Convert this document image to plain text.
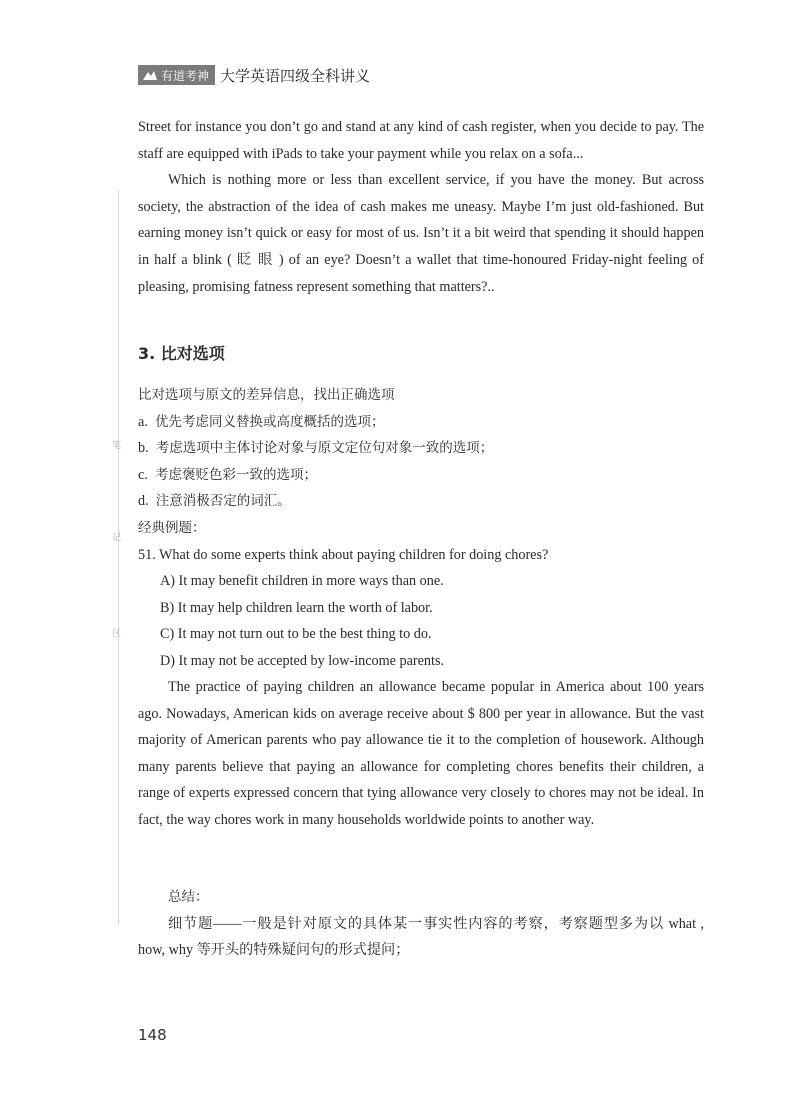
有道考神 大学英语四级全科讲义
笔
记
区

Street for instance you don’t go and stand at any kind of cash register, when you decide to pay. The staff are equipped with iPads to take your payment while you relax on a sofa...

Which is nothing more or less than excellent service, if you have the money. But across society, the abstraction of the idea of cash makes me uneasy. Maybe I’m just old-fashioned. But earning money isn’t quick or easy for most of us. Isn’t it a bit weird that spending it should happen in half a blink ( 眨 眼 ) of an eye? Doesn’t a wallet that time-honoured Friday-night feeling of pleasing, promising fatness represent something that matters?..

3. 比对选项

比对选项与原文的差异信息，找出正确选项

a. 优先考虑同义替换或高度概括的选项；

b. 考虑选项中主体讨论对象与原文定位句对象一致的选项；

c. 考虑褒贬色彩一致的选项；

d. 注意消极否定的词汇。

经典例题：

51. What do some experts think about paying children for doing chores?

A) It may benefit children in more ways than one.

B) It may help children learn the worth of labor.

C) It may not turn out to be the best thing to do.

D) It may not be accepted by low-income parents.

The practice of paying children an allowance became popular in America about 100 years ago. Nowadays, American kids on average receive about $ 800 per year in allowance. But the vast majority of American parents who pay allowance tie it to the completion of housework. Although many parents believe that paying an allowance for completing chores benefits their children, a range of experts expressed concern that tying allowance very closely to chores may not be ideal. In fact, the way chores work in many households worldwide points to another way.

总结：

细节题——一般是针对原文的具体某一事实性内容的考察，考察题型多为以 what , how, why 等开头的特殊疑问句的形式提问；

148
